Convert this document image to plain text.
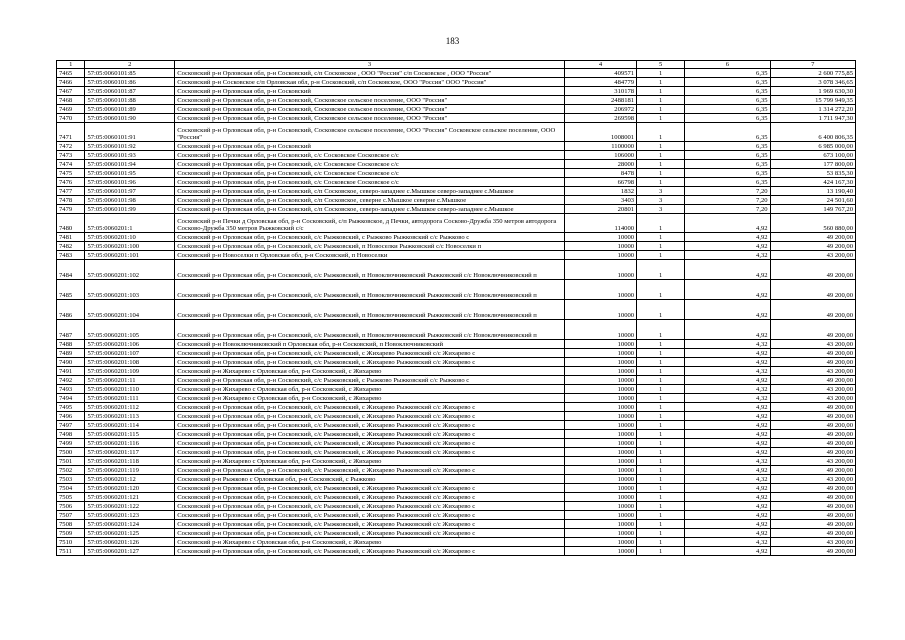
183
1	2	3	4	5	6	7
7465	57:05:0060101:85	Сосковский р-н Орловская обл, р-н Сосковский, с/п Сосковское , ООО "Россия" с/п Сосковское , ООО "Россия"	409571	1	6,35	2 600 775,85
7466	57:05:0060101:86	Сосковский р-н Сосковское с/п Орловская обл, р-н Сосковский, с/п Сосковское, ООО "Россия" ООО "Россия"	484779	1	6,35	3 078 346,65
7467	57:05:0060101:87	Сосковский р-н Орловская обл, р-н Сосковский	310178	1	6,35	1 969 630,30
7468	57:05:0060101:88	Сосковский р-н Орловская обл, р-н Сосковский, Сосковское сельское поселение, ООО "Россия"	2488181	1	6,35	15 799 949,35
7469	57:05:0060101:89	Сосковский р-н Орловская обл, р-н Сосковский, Сосковское сельское поселение, ООО "Россия"	206972	1	6,35	1 314 272,20
7470	57:05:0060101:90	Сосковский р-н Орловская обл, р-н Сосковский, Сосковское сельское поселение, ООО "Россия"	269598	1	6,35	1 711 947,30
7471	57:05:0060101:91	Сосковский р-н Орловская обл, р-н Сосковский, Сосковское сельское поселение, ООО "Россия" Сосковское сельское поселение, ООО "Россия"	1008001	1	6,35	6 400 806,35
7472	57:05:0060101:92	Сосковский р-н Орловская обл, р-н Сосковский	1100000	1	6,35	6 985 000,00
7473	57:05:0060101:93	Сосковский р-н Орловская обл, р-н Сосковский, с/с Сосковское Сосковское с/с	106000	1	6,35	673 100,00
7474	57:05:0060101:94	Сосковский р-н Орловская обл, р-н Сосковский, с/с Сосковское Сосковское с/с	28000	1	6,35	177 800,00
7475	57:05:0060101:95	Сосковский р-н Орловская обл, р-н Сосковский, с/с Сосковское Сосковское с/с	8478	1	6,35	53 835,30
7476	57:05:0060101:96	Сосковский р-н Орловская обл, р-н Сосковский, с/с Сосковское Сосковское с/с	66798	1	6,35	424 167,30
7477	57:05:0060101:97	Сосковский р-н Орловская обл, р-н Сосковский, с/п Сосковское, северо-западнее с.Мышкое северо-западнее с.Мышкое	1832	3	7,20	13 190,40
7478	57:05:0060101:98	Сосковский р-н Орловская обл, р-н Сосковский, с/п Сосковское, северне с.Мышкое северне с.Мышкое	3403	3	7,20	24 501,60
7479	57:05:0060101:99	Сосковский р-н Орловская обл, р-н Сосковский, с/п Сосковское, северо-западнее с.Мышкое северо-западнее с.Мышкое	20801	3	7,20	149 767,20
7480	57:05:0060201:1	Сосковский р-н Печки д Орловская обл, р-н Сосковский, с/п Рыжковское, д Печки, автодорога Сосково-Дружба 350 метров автодорога Сосково-Дружба 350 метров Рыжковский с/с	114000	1	4,92	560 880,00
7481	57:05:0060201:10	Сосковский р-н Орловская обл, р-н Сосковский, с/с Рыжковский, с Рыжково Рыжковский с/с Рыжково с	10000	1	4,92	49 200,00
7482	57:05:0060201:100	Сосковский р-н Орловская обл, р-н Сосковский, с/с Рыжковский, п Новоселки Рыжковский с/с Новоселки п	10000	1	4,92	49 200,00
7483	57:05:0060201:101	Сосковский р-н Новоселки п Орловская обл, р-н Сосковский, п Новоселки	10000	1	4,32	43 200,00
7484	57:05:0060201:102	Сосковский р-н Орловская обл, р-н Сосковский, с/с Рыжковский, п Новоключниковский Рыжковский с/с Новоключниковский п	10000	1	4,92	49 200,00
7485	57:05:0060201:103	Сосковский р-н Орловская обл, р-н Сосковский, с/с Рыжковский, п Новоключниковский Рыжковский с/с Новоключниковский п	10000	1	4,92	49 200,00
7486	57:05:0060201:104	Сосковский р-н Орловская обл, р-н Сосковский, с/с Рыжковский, п Новоключниковский Рыжковский с/с Новоключниковский п	10000	1	4,92	49 200,00
7487	57:05:0060201:105	Сосковский р-н Орловская обл, р-н Сосковский, с/с Рыжковский, п Новоключниковский Рыжковский с/с Новоключниковский п	10000	1	4,92	49 200,00
7488	57:05:0060201:106	Сосковский р-н Новоключниковский п Орловская обл, р-н Сосковский, п Новоключниковский	10000	1	4,32	43 200,00
7489	57:05:0060201:107	Сосковский р-н Орловская обл, р-н Сосковский, с/с Рыжковский, с Жихарево Рыжковский с/с Жихарево с	10000	1	4,92	49 200,00
7490	57:05:0060201:108	Сосковский р-н Орловская обл, р-н Сосковский, с/с Рыжковский, с Жихарево Рыжковский с/с Жихарево с	10000	1	4,92	49 200,00
7491	57:05:0060201:109	Сосковский р-н Жихарево с Орловская обл, р-н Сосковский, с Жихарево	10000	1	4,32	43 200,00
7492	57:05:0060201:11	Сосковский р-н Орловская обл, р-н Сосковский, с/с Рыжковский, с Рыжково Рыжковский с/с Рыжково с	10000	1	4,92	49 200,00
7493	57:05:0060201:110	Сосковский р-н Жихарево с Орловская обл, р-н Сосковский, с Жихарево	10000	1	4,32	43 200,00
7494	57:05:0060201:111	Сосковский р-н Жихарево с Орловская обл, р-н Сосковский, с Жихарево	10000	1	4,32	43 200,00
7495	57:05:0060201:112	Сосковский р-н Орловская обл, р-н Сосковский, с/с Рыжковский, с Жихарево Рыжковский с/с Жихарево с	10000	1	4,92	49 200,00
7496	57:05:0060201:113	Сосковский р-н Орловская обл, р-н Сосковский, с/с Рыжковский, с Жихарево Рыжковский с/с Жихарево с	10000	1	4,92	49 200,00
7497	57:05:0060201:114	Сосковский р-н Орловская обл, р-н Сосковский, с/с Рыжковский, с Жихарево Рыжковский с/с Жихарево с	10000	1	4,92	49 200,00
7498	57:05:0060201:115	Сосковский р-н Орловская обл, р-н Сосковский, с/с Рыжковский, с Жихарево Рыжковский с/с Жихарево с	10000	1	4,92	49 200,00
7499	57:05:0060201:116	Сосковский р-н Орловская обл, р-н Сосковский, с/с Рыжковский, с Жихарево Рыжковский с/с Жихарево с	10000	1	4,92	49 200,00
7500	57:05:0060201:117	Сосковский р-н Орловская обл, р-н Сосковский, с/с Рыжковский, с Жихарево Рыжковский с/с Жихарево с	10000	1	4,92	49 200,00
7501	57:05:0060201:118	Сосковский р-н Жихарево с Орловская обл, р-н Сосковский, с Жихарево	10000	1	4,32	43 200,00
7502	57:05:0060201:119	Сосковский р-н Орловская обл, р-н Сосковский, с/с Рыжковский, с Жихарево Рыжковский с/с Жихарево с	10000	1	4,92	49 200,00
7503	57:05:0060201:12	Сосковский р-н Рыжково с Орловская обл, р-н Сосковский, с Рыжково	10000	1	4,32	43 200,00
7504	57:05:0060201:120	Сосковский р-н Орловская обл, р-н Сосковский, с/с Рыжковский, с Жихарево Рыжковский с/с Жихарево с	10000	1	4,92	49 200,00
7505	57:05:0060201:121	Сосковский р-н Орловская обл, р-н Сосковский, с/с Рыжковский, с Жихарево Рыжковский с/с Жихарево с	10000	1	4,92	49 200,00
7506	57:05:0060201:122	Сосковский р-н Орловская обл, р-н Сосковский, с/с Рыжковский, с Жихарево Рыжковский с/с Жихарево с	10000	1	4,92	49 200,00
7507	57:05:0060201:123	Сосковский р-н Орловская обл, р-н Сосковский, с/с Рыжковский, с Жихарево Рыжковский с/с Жихарево с	10000	1	4,92	49 200,00
7508	57:05:0060201:124	Сосковский р-н Орловская обл, р-н Сосковский, с/с Рыжковский, с Жихарево Рыжковский с/с Жихарево с	10000	1	4,92	49 200,00
7509	57:05:0060201:125	Сосковский р-н Орловская обл, р-н Сосковский, с/с Рыжковский, с Жихарево Рыжковский с/с Жихарево с	10000	1	4,92	49 200,00
7510	57:05:0060201:126	Сосковский р-н Жихарево с Орловская обл, р-н Сосковский, с Жихарево	10000	1	4,32	43 200,00
7511	57:05:0060201:127	Сосковский р-н Орловская обл, р-н Сосковский, с/с Рыжковский, с Жихарево Рыжковский с/с Жихарево с	10000	1	4,92	49 200,00
